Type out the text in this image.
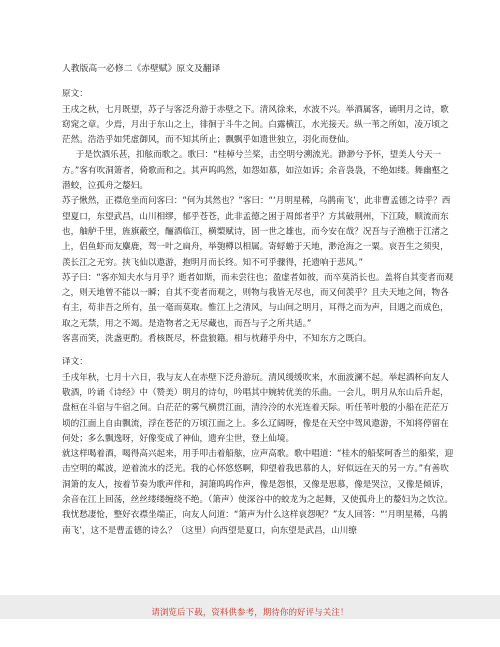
人教版高一必修二《赤壁赋》原文及翻译
原文：
王戌之秋，七月既望，苏子与客泛舟游于赤壁之下。清风徐来，水波不兴。举酒属客，诵明月之诗，歌窈窕之章。少焉，月出于东山之上，徘徊于斗牛之间。白露横江，水光接天。纵一苇之所如，凌万顷之茫然。浩浩乎如凭虚御风，而不知其所止；飘飘乎如遗世独立，羽化而登仙。
于是饮酒乐甚，扣舷而歌之。歌曰：“桂棹兮兰桨，击空明兮溯流光。渺渺兮予怀，望美人兮天一方。”客有吹洞箫者，倚歌而和之。其声呜呜然，如怨如慕，如泣如诉；余音袅袅，不绝如缕。舞幽壑之潜蛟，泣孤舟之嫠妇。
苏子愀然，正襟危坐而问客曰：“何为其然也？”客曰：“‘月明星稀，乌鹊南飞’，此非曹孟德之诗乎？西望夏口，东望武昌，山川相缪，郁乎苍苍，此非孟德之困于周郎者乎？方其破荆州，下江陵，顺流而东也，舳舻千里，旌旗蔽空，酾酒临江，横槊赋诗，固一世之雄也，而今安在哉？况吾与子渔樵于江渚之上，侣鱼虾而友麋鹿，驾一叶之扁舟，举匏樽以相属。寄蜉蝣于天地，渺沧海之一粟。哀吾生之须臾，羡长江之无穷。挟飞仙以遨游，抱明月而长终。知不可乎骤得，托遗响于悲风。”
苏子曰：“客亦知夫水与月乎？逝者如斯，而未尝往也；盈虚者如彼，而卒莫消长也。盖将自其变者而观之，则天地曾不能以一瞬；自其不变者而观之，则物与我皆无尽也，而又何羡乎？且夫天地之间，物各有主，苟非吾之所有，虽一毫而莫取。惟江上之清风，与山间之明月，耳得之而为声，目遇之而成色，取之无禁，用之不竭。是造物者之无尽藏也，而吾与子之所共适。”
客喜而笑，洗盏更酌。肴核既尽，杯盘狼籍。相与枕藉乎舟中，不知东方之既白。
译文：
壬戌年秋，七月十六日，我与友人在赤壁下泛舟游玩。清风缓缓吹来，水面波澜不起。举起酒杯向友人敬酒，吟诵《诗经》中（赞美）明月的诗句，吟唱其中婉转优美的乐曲。一会儿，明月从东山后升起，盘桓在斗宿与牛宿之间。白茫茫的雾气横贯江面，清泠泠的水光连着天际。听任苇叶般的小船在茫茫万顷的江面上自由飘流，浮在苍茫的万顷江面之上。多么辽阔呀，像是在天空中驾风遨游，不知将停留在何处；多么飘逸呀，好像变成了神仙，遗弃尘世，登上仙境。
就这样喝着酒，喝得高兴起来，用手叩击着船舷，应声高歌。歌中唱道：“桂木的船桨呵香兰的船桨，迎击空明的粼波，逆着流水的泛光。我的心怀悠悠啊，仰望着我思慕的人，好似远在天的另一方。”有善吹洞箫的友人，按着节奏为歌声伴和，洞箫呜呜作声，像是怨恨，又像是思慕，像是哭泣，又像是倾诉，余音在江上回荡，丝丝缕缕缠绕不绝。（箫声）使深谷中的蛟龙为之起舞，又使孤舟上的嫠妇为之饮泣。
我忧愁凄怆，整好衣襟坐端正，向友人问道：“箫声为什么这样哀怨呢？”友人回答：“‘月明星稀，乌鹊南飞’，这不是曹孟德的诗么？（这里）向西望是夏口，向东望是武昌，山川缭
请浏览后下载，资料供参考，期待你的好评与关注！
